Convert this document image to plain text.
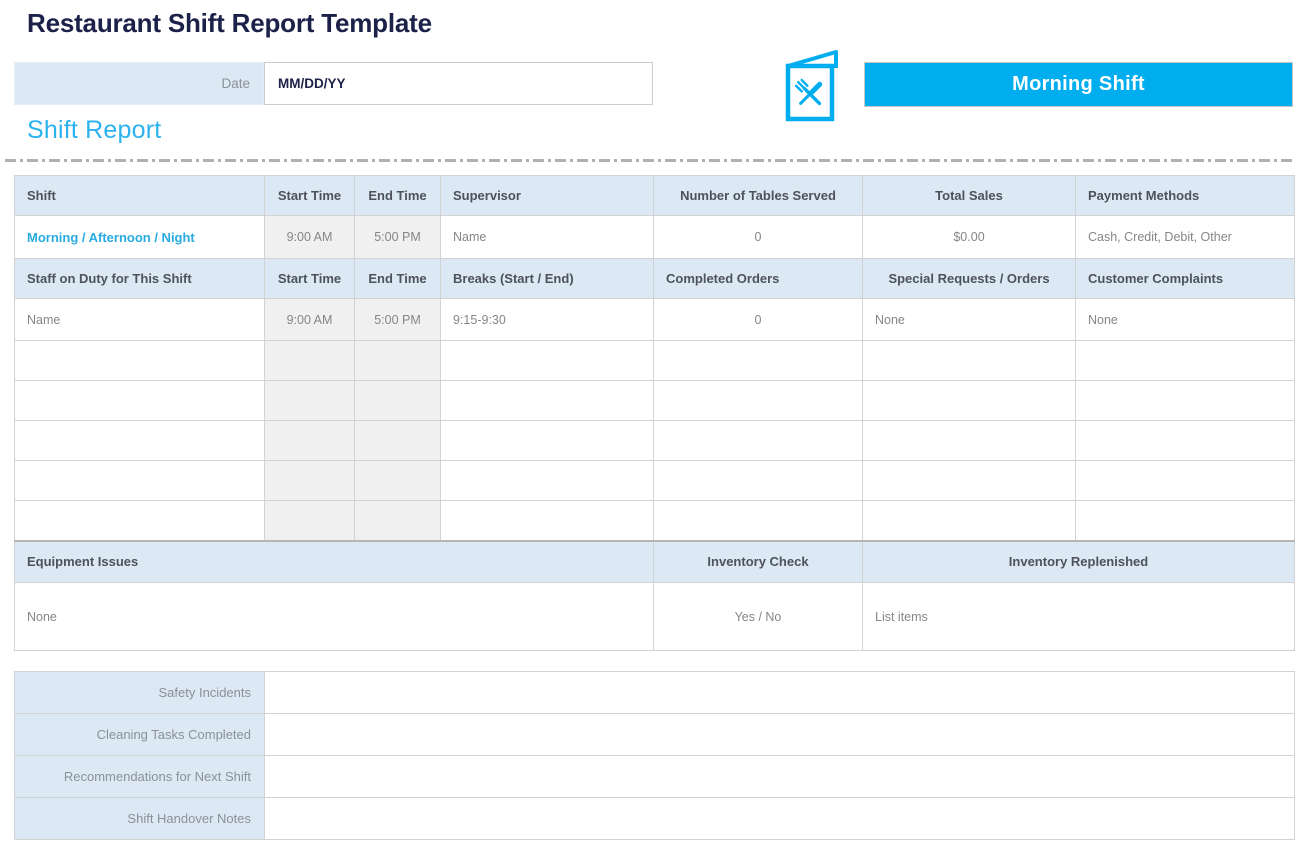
Restaurant Shift Report Template
Date	MM/DD/YY	Morning Shift
Shift Report
Shift	Start Time	End Time	Supervisor	Number of Tables Served	Total Sales	Payment Methods
Morning / Afternoon / Night	9:00 AM	5:00 PM	Name	0	$0.00	Cash, Credit, Debit, Other
Staff on Duty for This Shift	Start Time	End Time	Breaks (Start / End)	Completed Orders	Special Requests / Orders	Customer Complaints
Name	9:00 AM	5:00 PM	9:15-9:30	0	None	None

Equipment Issues				Inventory Check	Inventory Replenished	
None				Yes / No	List items	
Safety Incidents	
Cleaning Tasks Completed	
Recommendations for Next Shift	
Shift Handover Notes	
